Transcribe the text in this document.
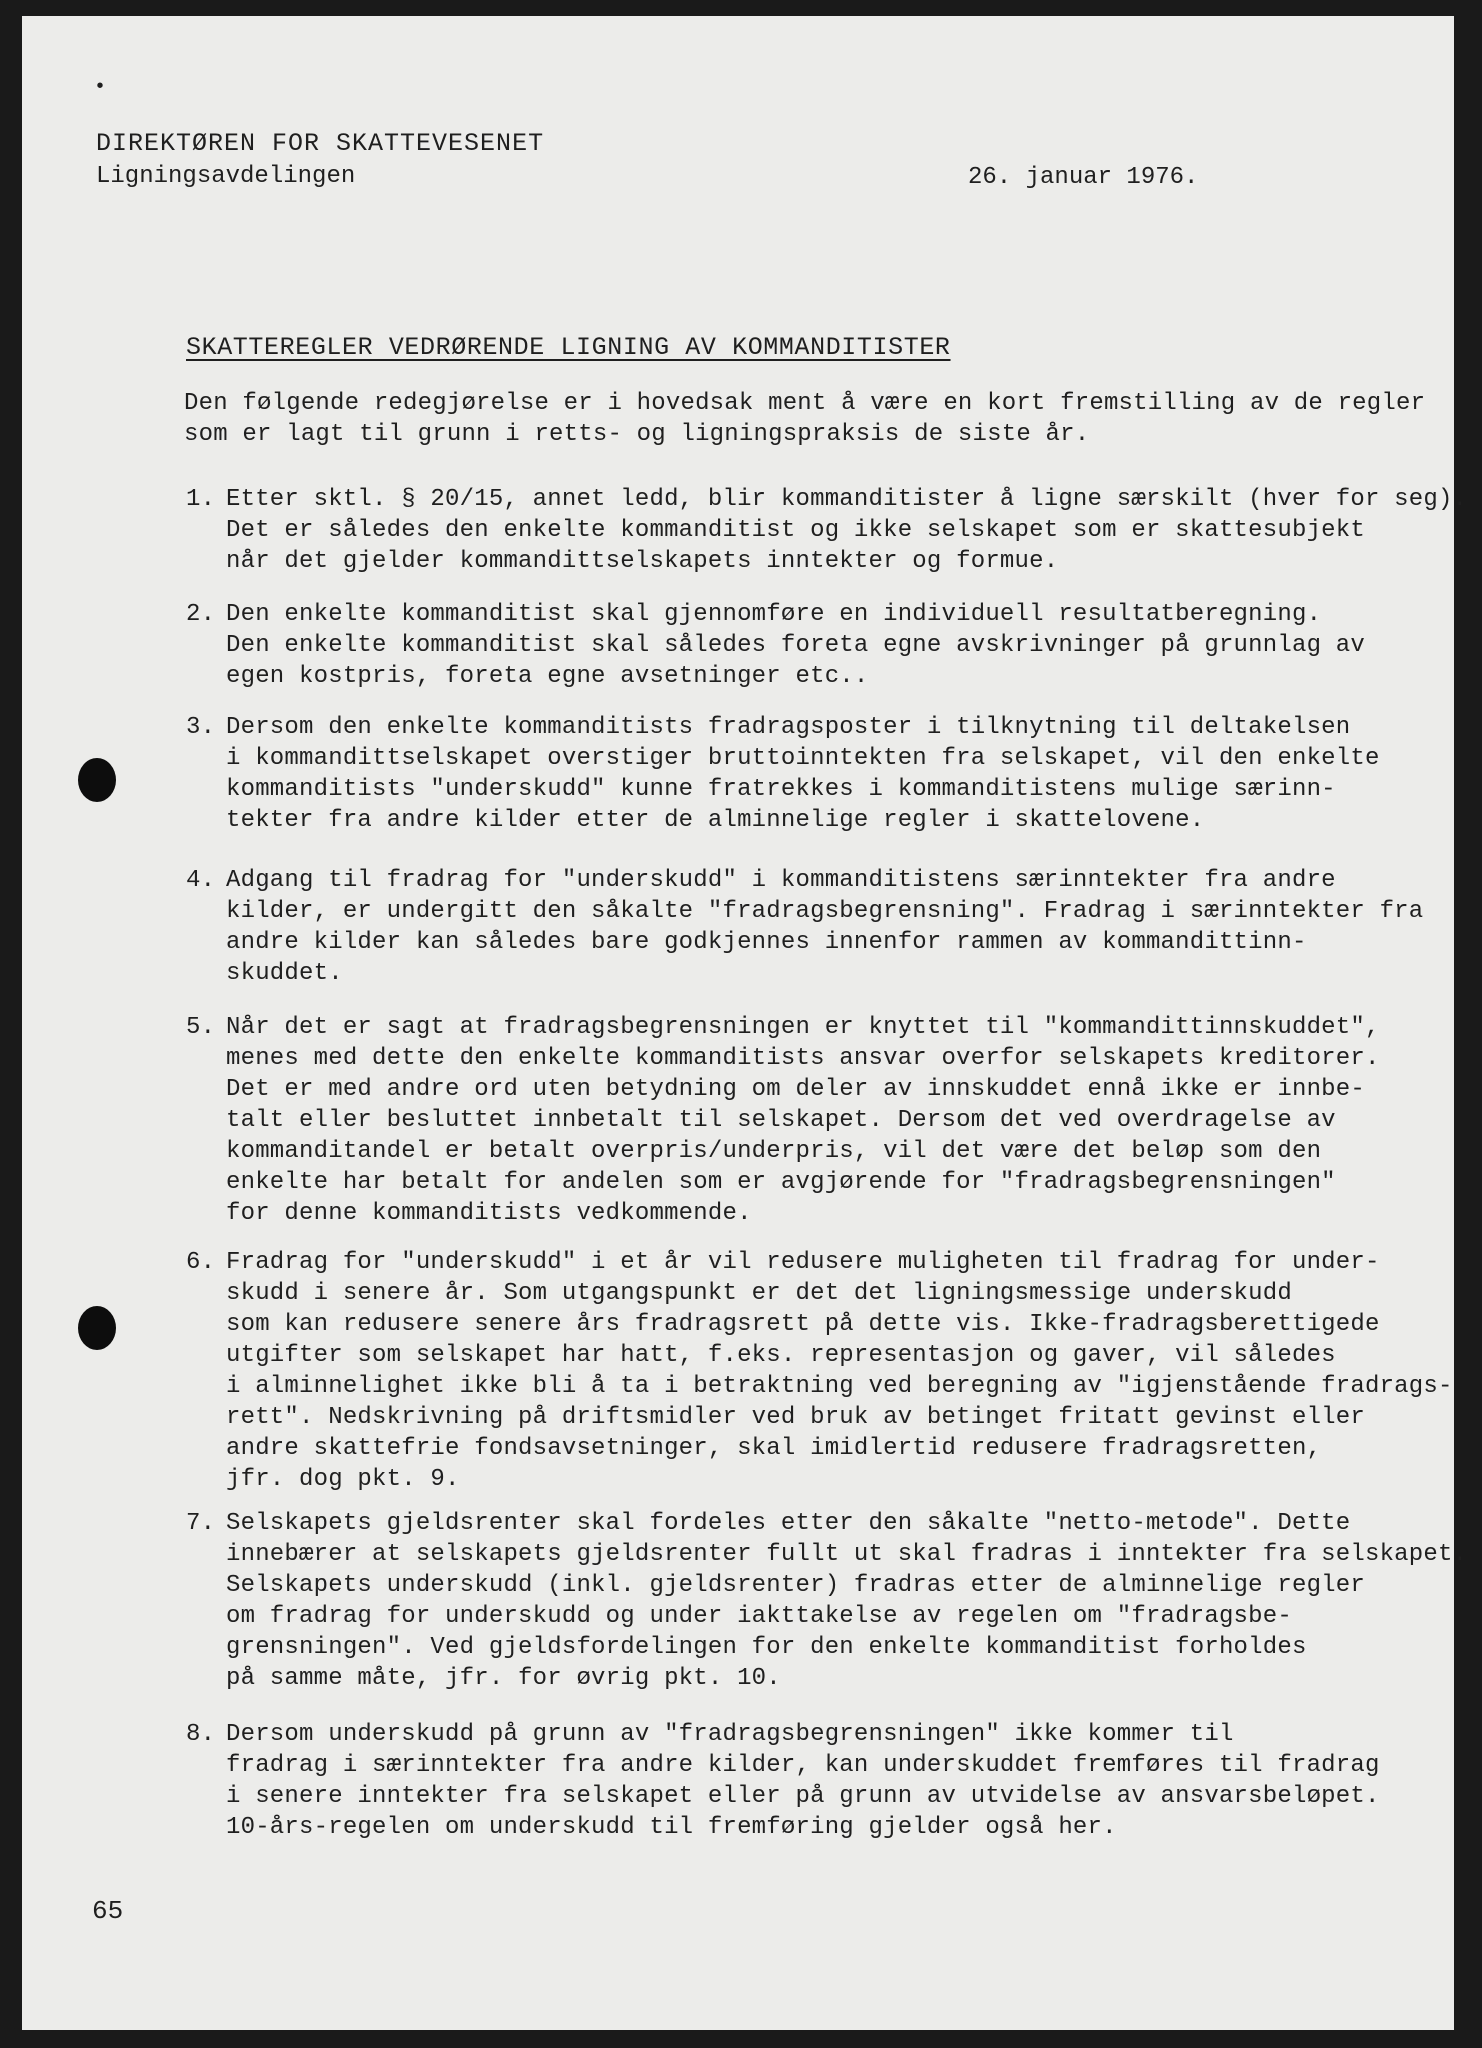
•
DIREKTØREN FOR SKATTEVESENET
Ligningsavdelingen	26. januar 1976.
SKATTEREGLER VEDRØRENDE LIGNING AV KOMMANDITISTER
Den følgende redegjørelse er i hovedsak ment å være en kort fremstilling av de regler
som er lagt til grunn i retts- og ligningspraksis de siste år.
1. Etter sktl. § 20/15, annet ledd, blir kommanditister å ligne særskilt (hver for seg).
Det er således den enkelte kommanditist og ikke selskapet som er skattesubjekt
når det gjelder kommandittselskapets inntekter og formue.
2. Den enkelte kommanditist skal gjennomføre en individuell resultatberegning.
Den enkelte kommanditist skal således foreta egne avskrivninger på grunnlag av
egen kostpris, foreta egne avsetninger etc..
3. Dersom den enkelte kommanditists fradragsposter i tilknytning til deltakelsen
i kommandittselskapet overstiger bruttoinntekten fra selskapet, vil den enkelte
kommanditists "underskudd" kunne fratrekkes i kommanditistens mulige særinn-
tekter fra andre kilder etter de alminnelige regler i skattelovene.
4. Adgang til fradrag for "underskudd" i kommanditistens særinntekter fra andre
kilder, er undergitt den såkalte "fradragsbegrensning". Fradrag i særinntekter fra
andre kilder kan således bare godkjennes innenfor rammen av kommandittinn-
skuddet.
5. Når det er sagt at fradragsbegrensningen er knyttet til "kommandittinnskuddet",
menes med dette den enkelte kommanditists ansvar overfor selskapets kreditorer.
Det er med andre ord uten betydning om deler av innskuddet ennå ikke er innbe-
talt eller besluttet innbetalt til selskapet. Dersom det ved overdragelse av
kommanditandel er betalt overpris/underpris, vil det være det beløp som den
enkelte har betalt for andelen som er avgjørende for "fradragsbegrensningen"
for denne kommanditists vedkommende.
6. Fradrag for "underskudd" i et år vil redusere muligheten til fradrag for under-
skudd i senere år. Som utgangspunkt er det det ligningsmessige underskudd
som kan redusere senere års fradragsrett på dette vis. Ikke-fradragsberettigede
utgifter som selskapet har hatt, f.eks. representasjon og gaver, vil således
i alminnelighet ikke bli å ta i betraktning ved beregning av "igjenstående fradrags-
rett". Nedskrivning på driftsmidler ved bruk av betinget fritatt gevinst eller
andre skattefrie fondsavsetninger, skal imidlertid redusere fradragsretten,
jfr. dog pkt. 9.
7. Selskapets gjeldsrenter skal fordeles etter den såkalte "netto-metode". Dette
innebærer at selskapets gjeldsrenter fullt ut skal fradras i inntekter fra selskapet.
Selskapets underskudd (inkl. gjeldsrenter) fradras etter de alminnelige regler
om fradrag for underskudd og under iakttakelse av regelen om "fradragsbe-
grensningen". Ved gjeldsfordelingen for den enkelte kommanditist forholdes
på samme måte, jfr. for øvrig pkt. 10.
8. Dersom underskudd på grunn av "fradragsbegrensningen" ikke kommer til
fradrag i særinntekter fra andre kilder, kan underskuddet fremføres til fradrag
i senere inntekter fra selskapet eller på grunn av utvidelse av ansvarsbeløpet.
10-års-regelen om underskudd til fremføring gjelder også her.
65
